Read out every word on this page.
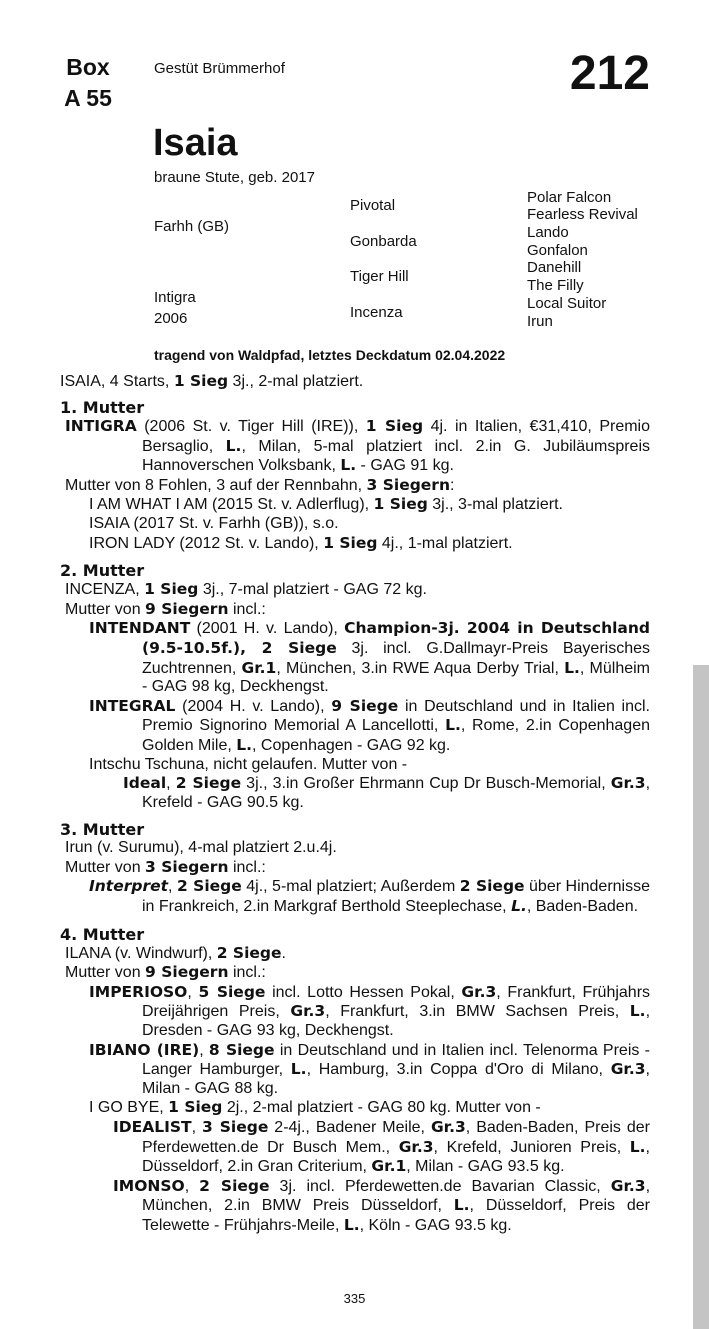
Box
A 55
Gestüt Brümmerhof	212
Isaia
braune Stute, geb. 2017
Farhh (GB)
Intigra
2006
Pivotal
Gonbarda
Tiger Hill
Incenza
Polar Falcon
Fearless Revival
Lando
Gonfalon
Danehill
The Filly
Local Suitor
Irun
tragend von Waldpfad, letztes Deckdatum 02.04.2022
ISAIA, 4 Starts, 1 Sieg 3j., 2-mal platziert.
1. Mutter
INTIGRA (2006 St. v. Tiger Hill (IRE)), 1 Sieg 4j. in Italien, €31,410, Premio Bersaglio, L., Milan, 5-mal platziert incl. 2.in G. Jubiläumspreis Hannoverschen Volksbank, L. - GAG 91 kg.
Mutter von 8 Fohlen, 3 auf der Rennbahn, 3 Siegern:
I AM WHAT I AM (2015 St. v. Adlerflug), 1 Sieg 3j., 3-mal platziert.
ISAIA (2017 St. v. Farhh (GB)), s.o.
IRON LADY (2012 St. v. Lando), 1 Sieg 4j., 1-mal platziert.
2. Mutter
INCENZA, 1 Sieg 3j., 7-mal platziert - GAG 72 kg.
Mutter von 9 Siegern incl.:
INTENDANT (2001 H. v. Lando), Champion-3j. 2004 in Deutschland (9.5-10.5f.), 2 Siege 3j. incl. G.Dallmayr-Preis Bayerisches Zuchtrennen, Gr.1, München, 3.in RWE Aqua Derby Trial, L., Mülheim - GAG 98 kg, Deckhengst.
INTEGRAL (2004 H. v. Lando), 9 Siege in Deutschland und in Italien incl. Premio Signorino Memorial A Lancellotti, L., Rome, 2.in Copenhagen Golden Mile, L., Copenhagen - GAG 92 kg.
Intschu Tschuna, nicht gelaufen. Mutter von -
Ideal, 2 Siege 3j., 3.in Großer Ehrmann Cup Dr Busch-Memorial, Gr.3, Krefeld - GAG 90.5 kg.
3. Mutter
Irun (v. Surumu), 4-mal platziert 2.u.4j.
Mutter von 3 Siegern incl.:
Interpret, 2 Siege 4j., 5-mal platziert; Außerdem 2 Siege über Hindernisse in Frankreich, 2.in Markgraf Berthold Steeplechase, L., Baden-Baden.
4. Mutter
ILANA (v. Windwurf), 2 Siege.
Mutter von 9 Siegern incl.:
IMPERIOSO, 5 Siege incl. Lotto Hessen Pokal, Gr.3, Frankfurt, Frühjahrs Dreijährigen Preis, Gr.3, Frankfurt, 3.in BMW Sachsen Preis, L., Dresden - GAG 93 kg, Deckhengst.
IBIANO (IRE), 8 Siege in Deutschland und in Italien incl. Telenorma Preis - Langer Hamburger, L., Hamburg, 3.in Coppa d'Oro di Milano, Gr.3, Milan - GAG 88 kg.
I GO BYE, 1 Sieg 2j., 2-mal platziert - GAG 80 kg. Mutter von -
IDEALIST, 3 Siege 2-4j., Badener Meile, Gr.3, Baden-Baden, Preis der Pferdewetten.de Dr Busch Mem., Gr.3, Krefeld, Junioren Preis, L., Düsseldorf, 2.in Gran Criterium, Gr.1, Milan - GAG 93.5 kg.
IMONSO, 2 Siege 3j. incl. Pferdewetten.de Bavarian Classic, Gr.3, München, 2.in BMW Preis Düsseldorf, L., Düsseldorf, Preis der Telewette - Frühjahrs-Meile, L., Köln - GAG 93.5 kg.
335
